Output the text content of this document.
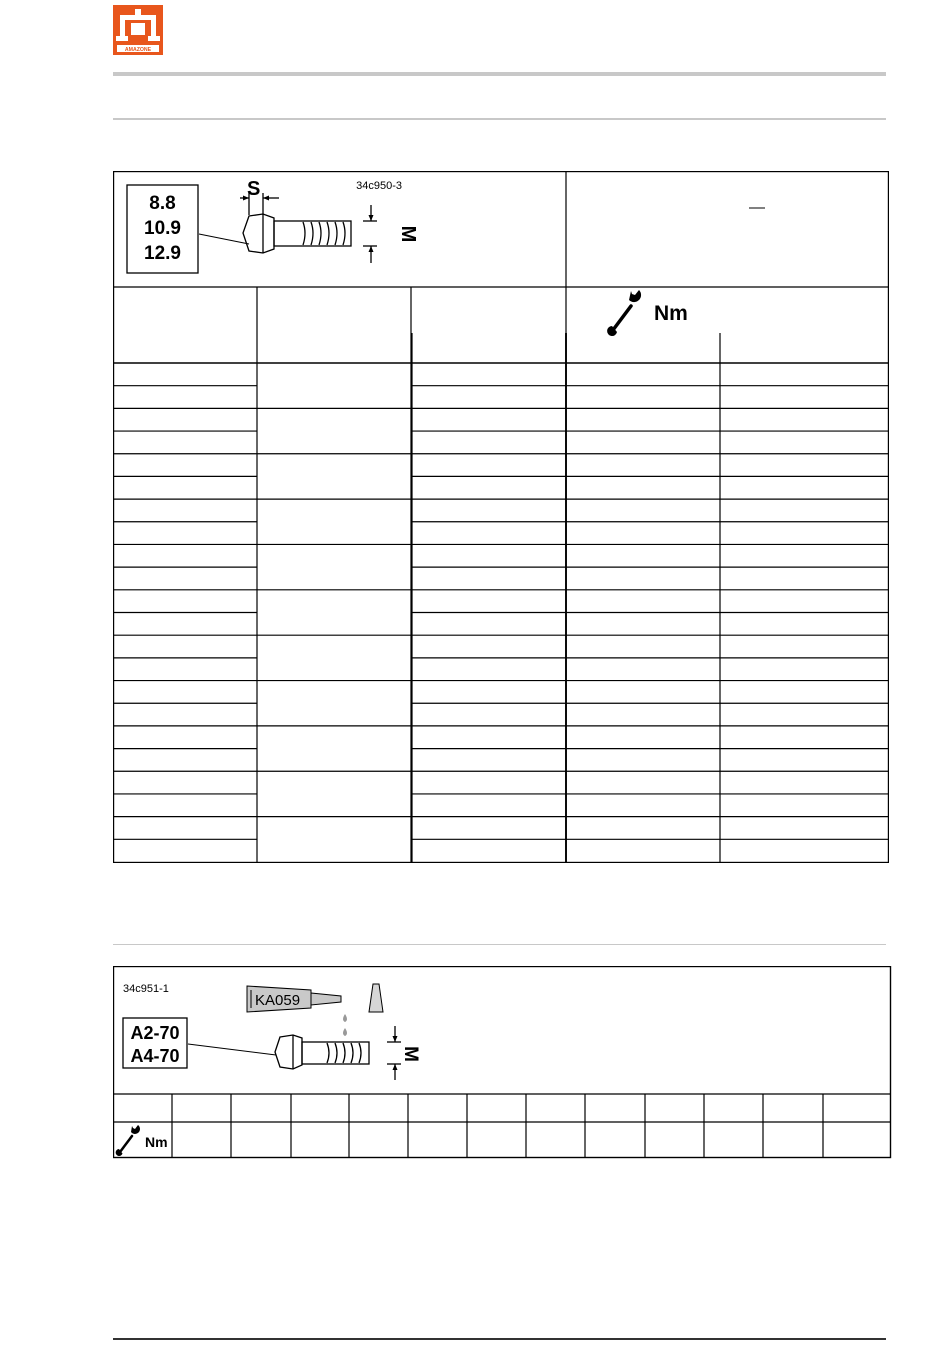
AMAZONE
8.8
10.9
12.9
S
M
34c950-3
Nm
34c951-1
KA059
A2-70
A4-70	M
Nm
